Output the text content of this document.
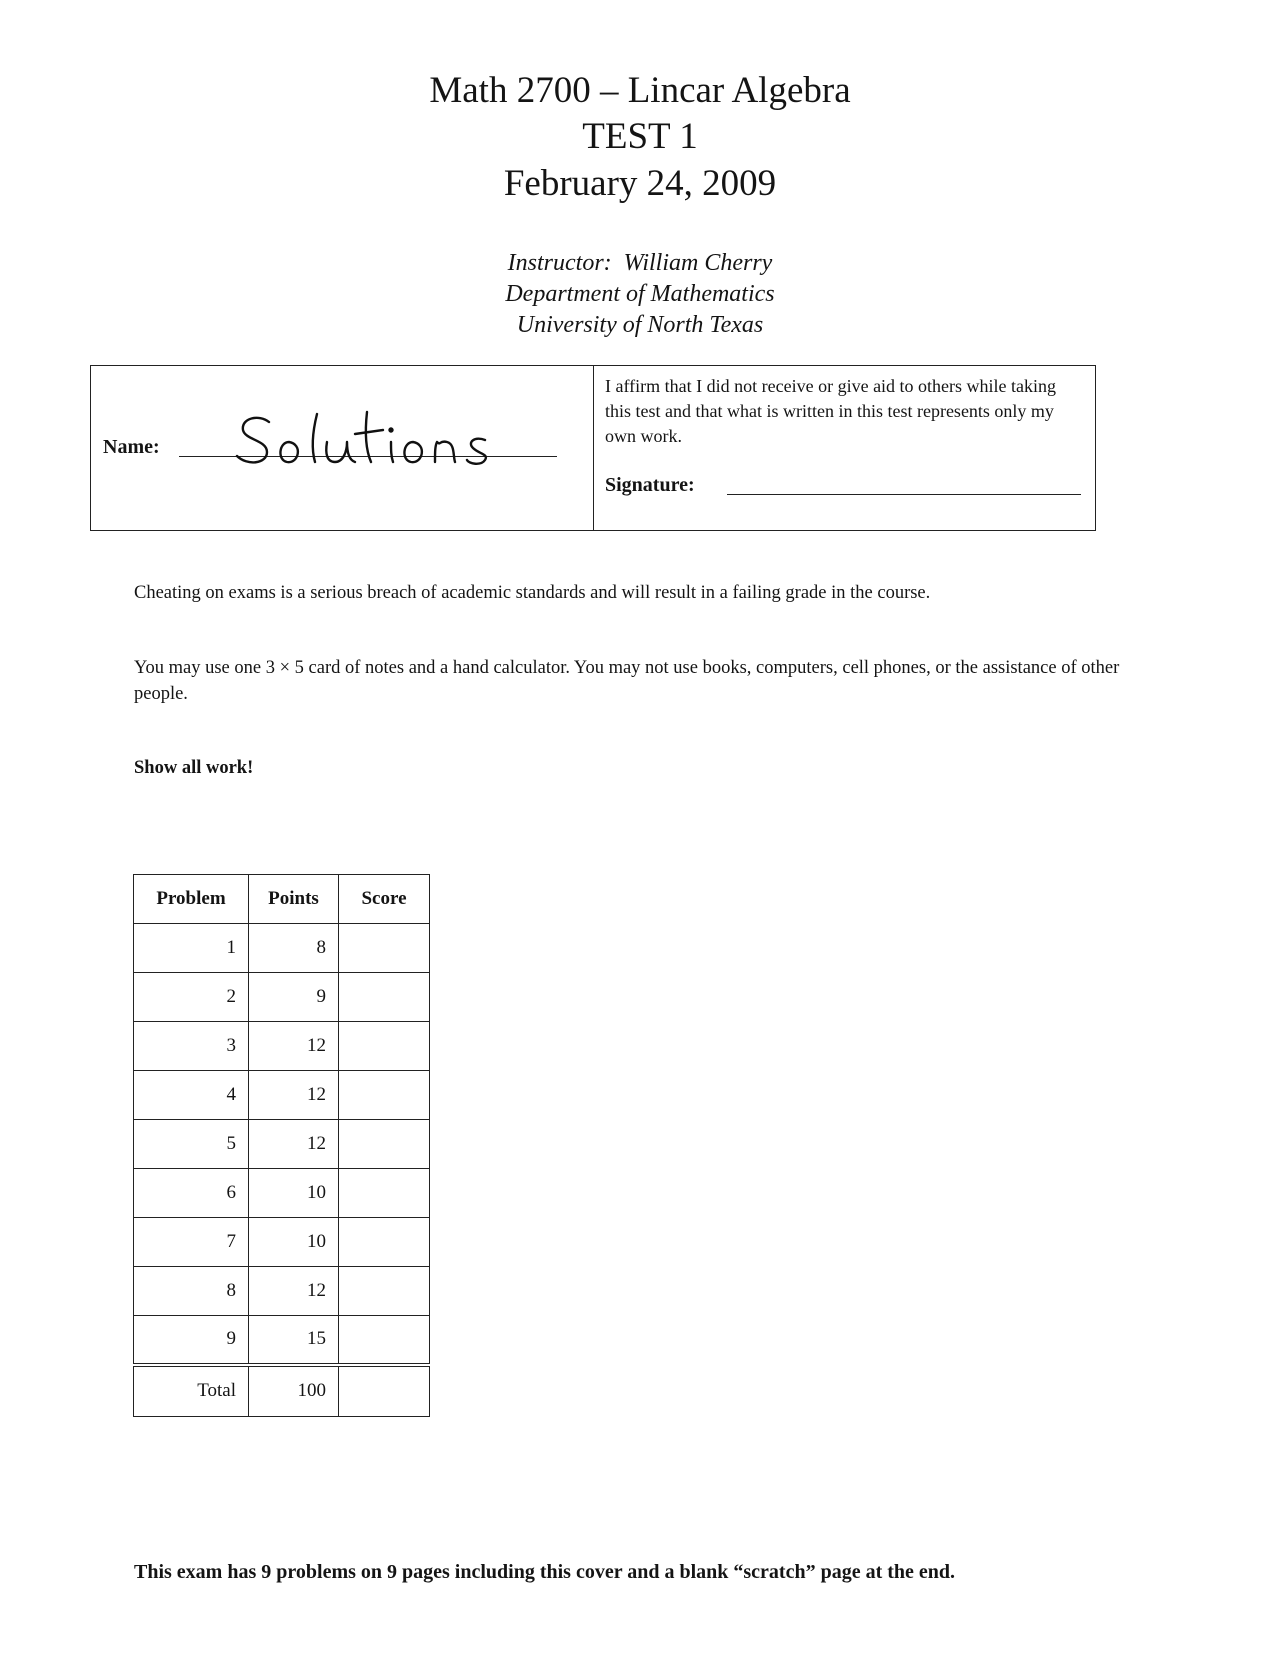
Math 2700 – Lincar Algebra
TEST 1
February 24, 2009
Instructor: William Cherry
Department of Mathematics
University of North Texas
Name:
I affirm that I did not receive or give aid to others while taking this test and that what is written in this test represents only my own work.
Signature:
Cheating on exams is a serious breach of academic standards and will result in a failing grade in the course.
You may use one 3 × 5 card of notes and a hand calculator. You may not use books, computers, cell phones, or the assistance of other people.
Show all work!
Problem	Points	Score
1	8	
2	9	
3	12	
4	12	
5	12	
6	10	
7	10	
8	12	
9	15	
Total	100	
This exam has 9 problems on 9 pages including this cover and a blank “scratch” page at the end.
